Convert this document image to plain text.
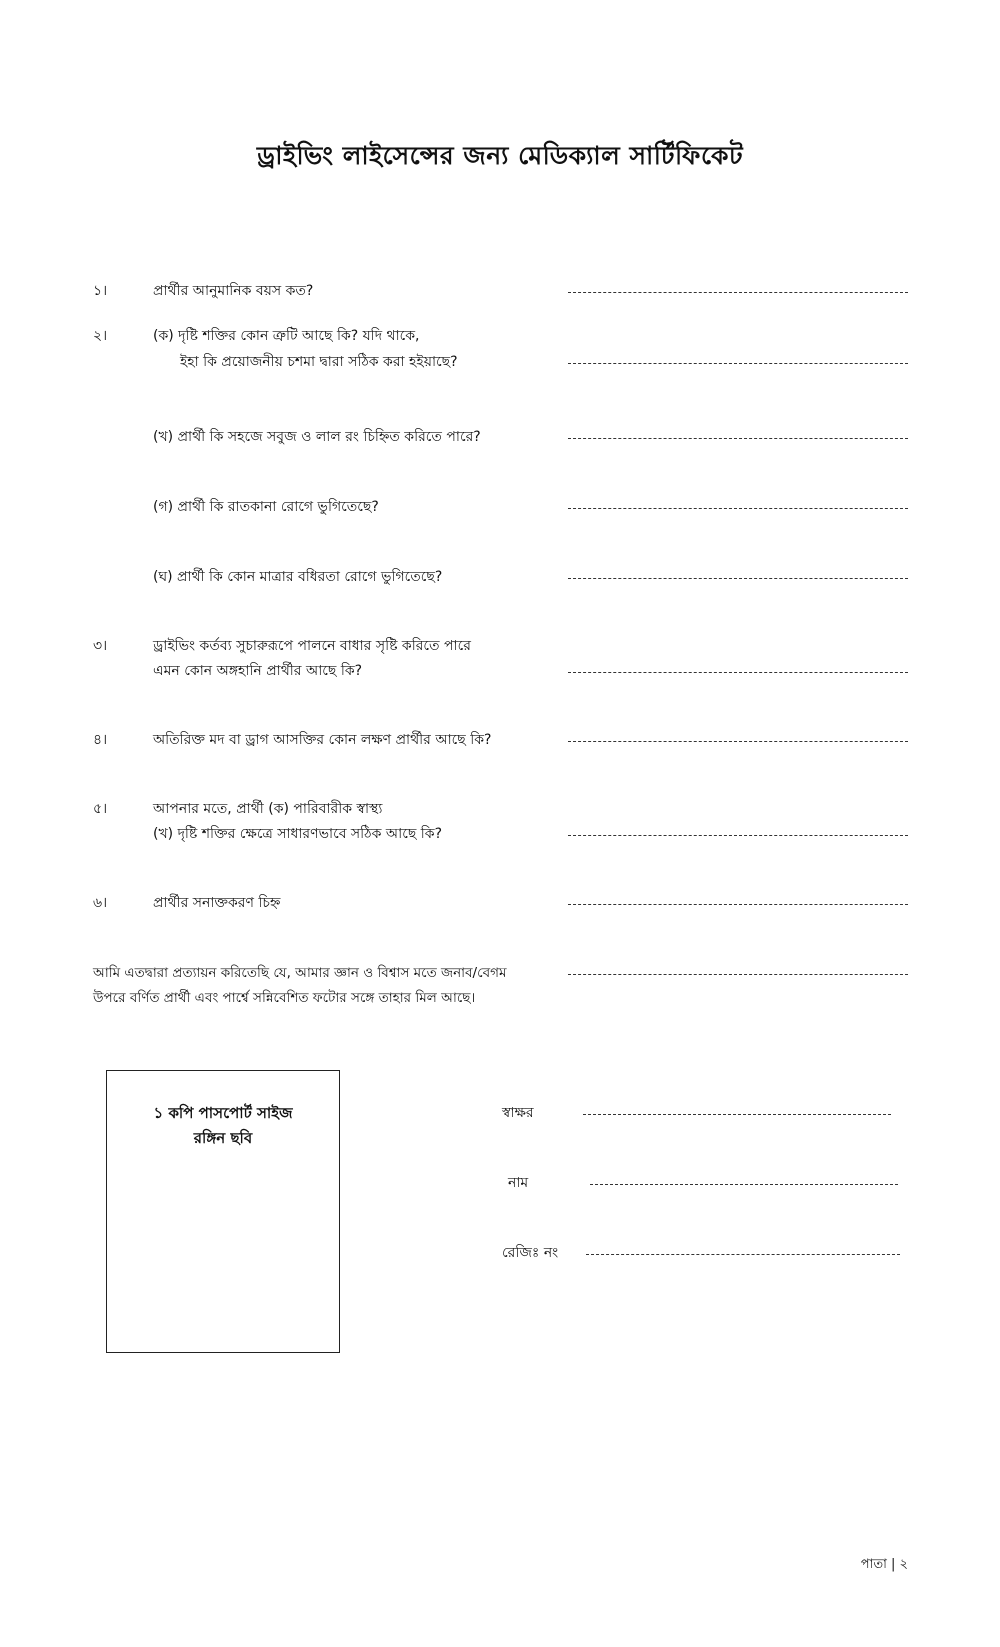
ড্রাইভিং লাইসেন্সের জন্য মেডিক্যাল সার্টিফিকেট
১।	প্রার্থীর আনুমানিক বয়স কত?
২।	(ক) দৃষ্টি শক্তির কোন ত্রুটি আছে কি? যদি থাকে,
ইহা কি প্রয়োজনীয় চশমা দ্বারা সঠিক করা হইয়াছে?
(খ) প্রার্থী কি সহজে সবুজ ও লাল রং চিহ্নিত করিতে পারে?
(গ) প্রার্থী কি রাতকানা রোগে ভুগিতেছে?
(ঘ) প্রার্থী কি কোন মাত্রার বধিরতা রোগে ভুগিতেছে?
৩।	ড্রাইভিং কর্তব্য সুচারুরূপে পালনে বাধার সৃষ্টি করিতে পারে
এমন কোন অঙ্গহানি প্রার্থীর আছে কি?
৪।	অতিরিক্ত মদ বা ড্রাগ আসক্তির কোন লক্ষণ প্রার্থীর আছে কি?
৫।	আপনার মতে, প্রার্থী (ক) পারিবারীক স্বাস্থ্য
(খ) দৃষ্টি শক্তির ক্ষেত্রে সাধারণভাবে সঠিক আছে কি?
৬।	প্রার্থীর সনাক্তকরণ চিহ্ন
আমি এতদ্বারা প্রত্যায়ন করিতেছি যে, আমার জ্ঞান ও বিশ্বাস মতে জনাব/বেগম
উপরে বর্ণিত প্রার্থী এবং পার্শ্বে সন্নিবেশিত ফটোর সঙ্গে তাহার মিল আছে।
১ কপি পাসপোর্ট সাইজ
রঙ্গিন ছবি
স্বাক্ষর
নাম
রেজিঃ নং
পাতা | ২
